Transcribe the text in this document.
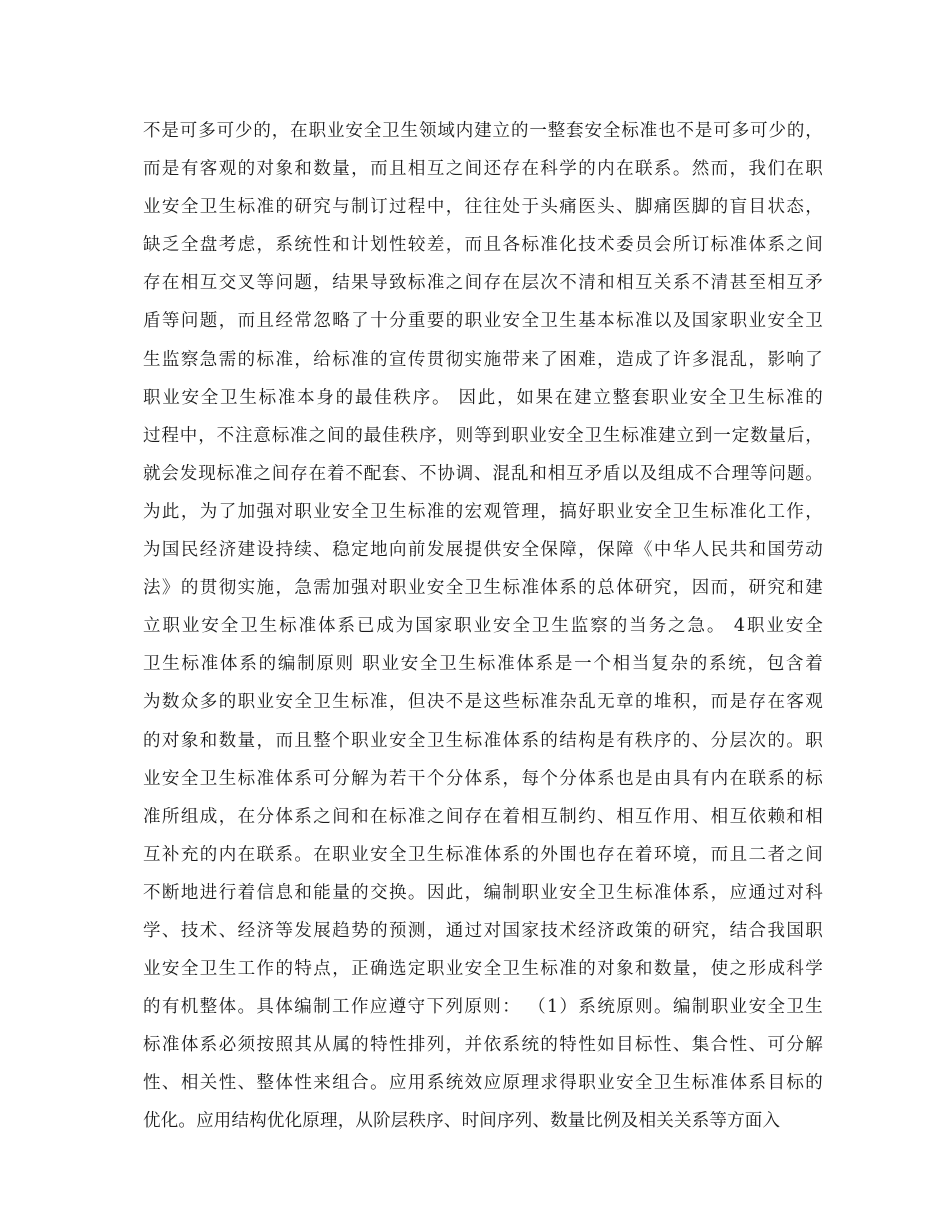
不是可多可少的，在职业安全卫生领域内建立的一整套安全标准也不是可多可少的，
而是有客观的对象和数量，而且相互之间还存在科学的内在联系。然而，我们在职
业安全卫生标准的研究与制订过程中，往往处于头痛医头、脚痛医脚的盲目状态，
缺乏全盘考虑，系统性和计划性较差，而且各标准化技术委员会所订标准体系之间
存在相互交叉等问题，结果导致标准之间存在层次不清和相互关系不清甚至相互矛
盾等问题，而且经常忽略了十分重要的职业安全卫生基本标准以及国家职业安全卫
生监察急需的标准，给标准的宣传贯彻实施带来了困难，造成了许多混乱，影响了
职业安全卫生标准本身的最佳秩序。 因此，如果在建立整套职业安全卫生标准的
过程中，不注意标准之间的最佳秩序，则等到职业安全卫生标准建立到一定数量后，
就会发现标准之间存在着不配套、不协调、混乱和相互矛盾以及组成不合理等问题。
为此，为了加强对职业安全卫生标准的宏观管理，搞好职业安全卫生标准化工作，
为国民经济建设持续、稳定地向前发展提供安全保障，保障《中华人民共和国劳动
法》的贯彻实施，急需加强对职业安全卫生标准体系的总体研究，因而，研究和建
立职业安全卫生标准体系已成为国家职业安全卫生监察的当务之急。 4职业安全
卫生标准体系的编制原则 职业安全卫生标准体系是一个相当复杂的系统，包含着
为数众多的职业安全卫生标准，但决不是这些标准杂乱无章的堆积，而是存在客观
的对象和数量，而且整个职业安全卫生标准体系的结构是有秩序的、分层次的。职
业安全卫生标准体系可分解为若干个分体系，每个分体系也是由具有内在联系的标
准所组成，在分体系之间和在标准之间存在着相互制约、相互作用、相互依赖和相
互补充的内在联系。在职业安全卫生标准体系的外围也存在着环境，而且二者之间
不断地进行着信息和能量的交换。因此，编制职业安全卫生标准体系，应通过对科
学、技术、经济等发展趋势的预测，通过对国家技术经济政策的研究，结合我国职
业安全卫生工作的特点，正确选定职业安全卫生标准的对象和数量，使之形成科学
的有机整体。具体编制工作应遵守下列原则： （1）系统原则。编制职业安全卫生
标准体系必须按照其从属的特性排列，并依系统的特性如目标性、集合性、可分解
性、相关性、整体性来组合。应用系统效应原理求得职业安全卫生标准体系目标的
优化。应用结构优化原理，从阶层秩序、时间序列、数量比例及相关关系等方面入
